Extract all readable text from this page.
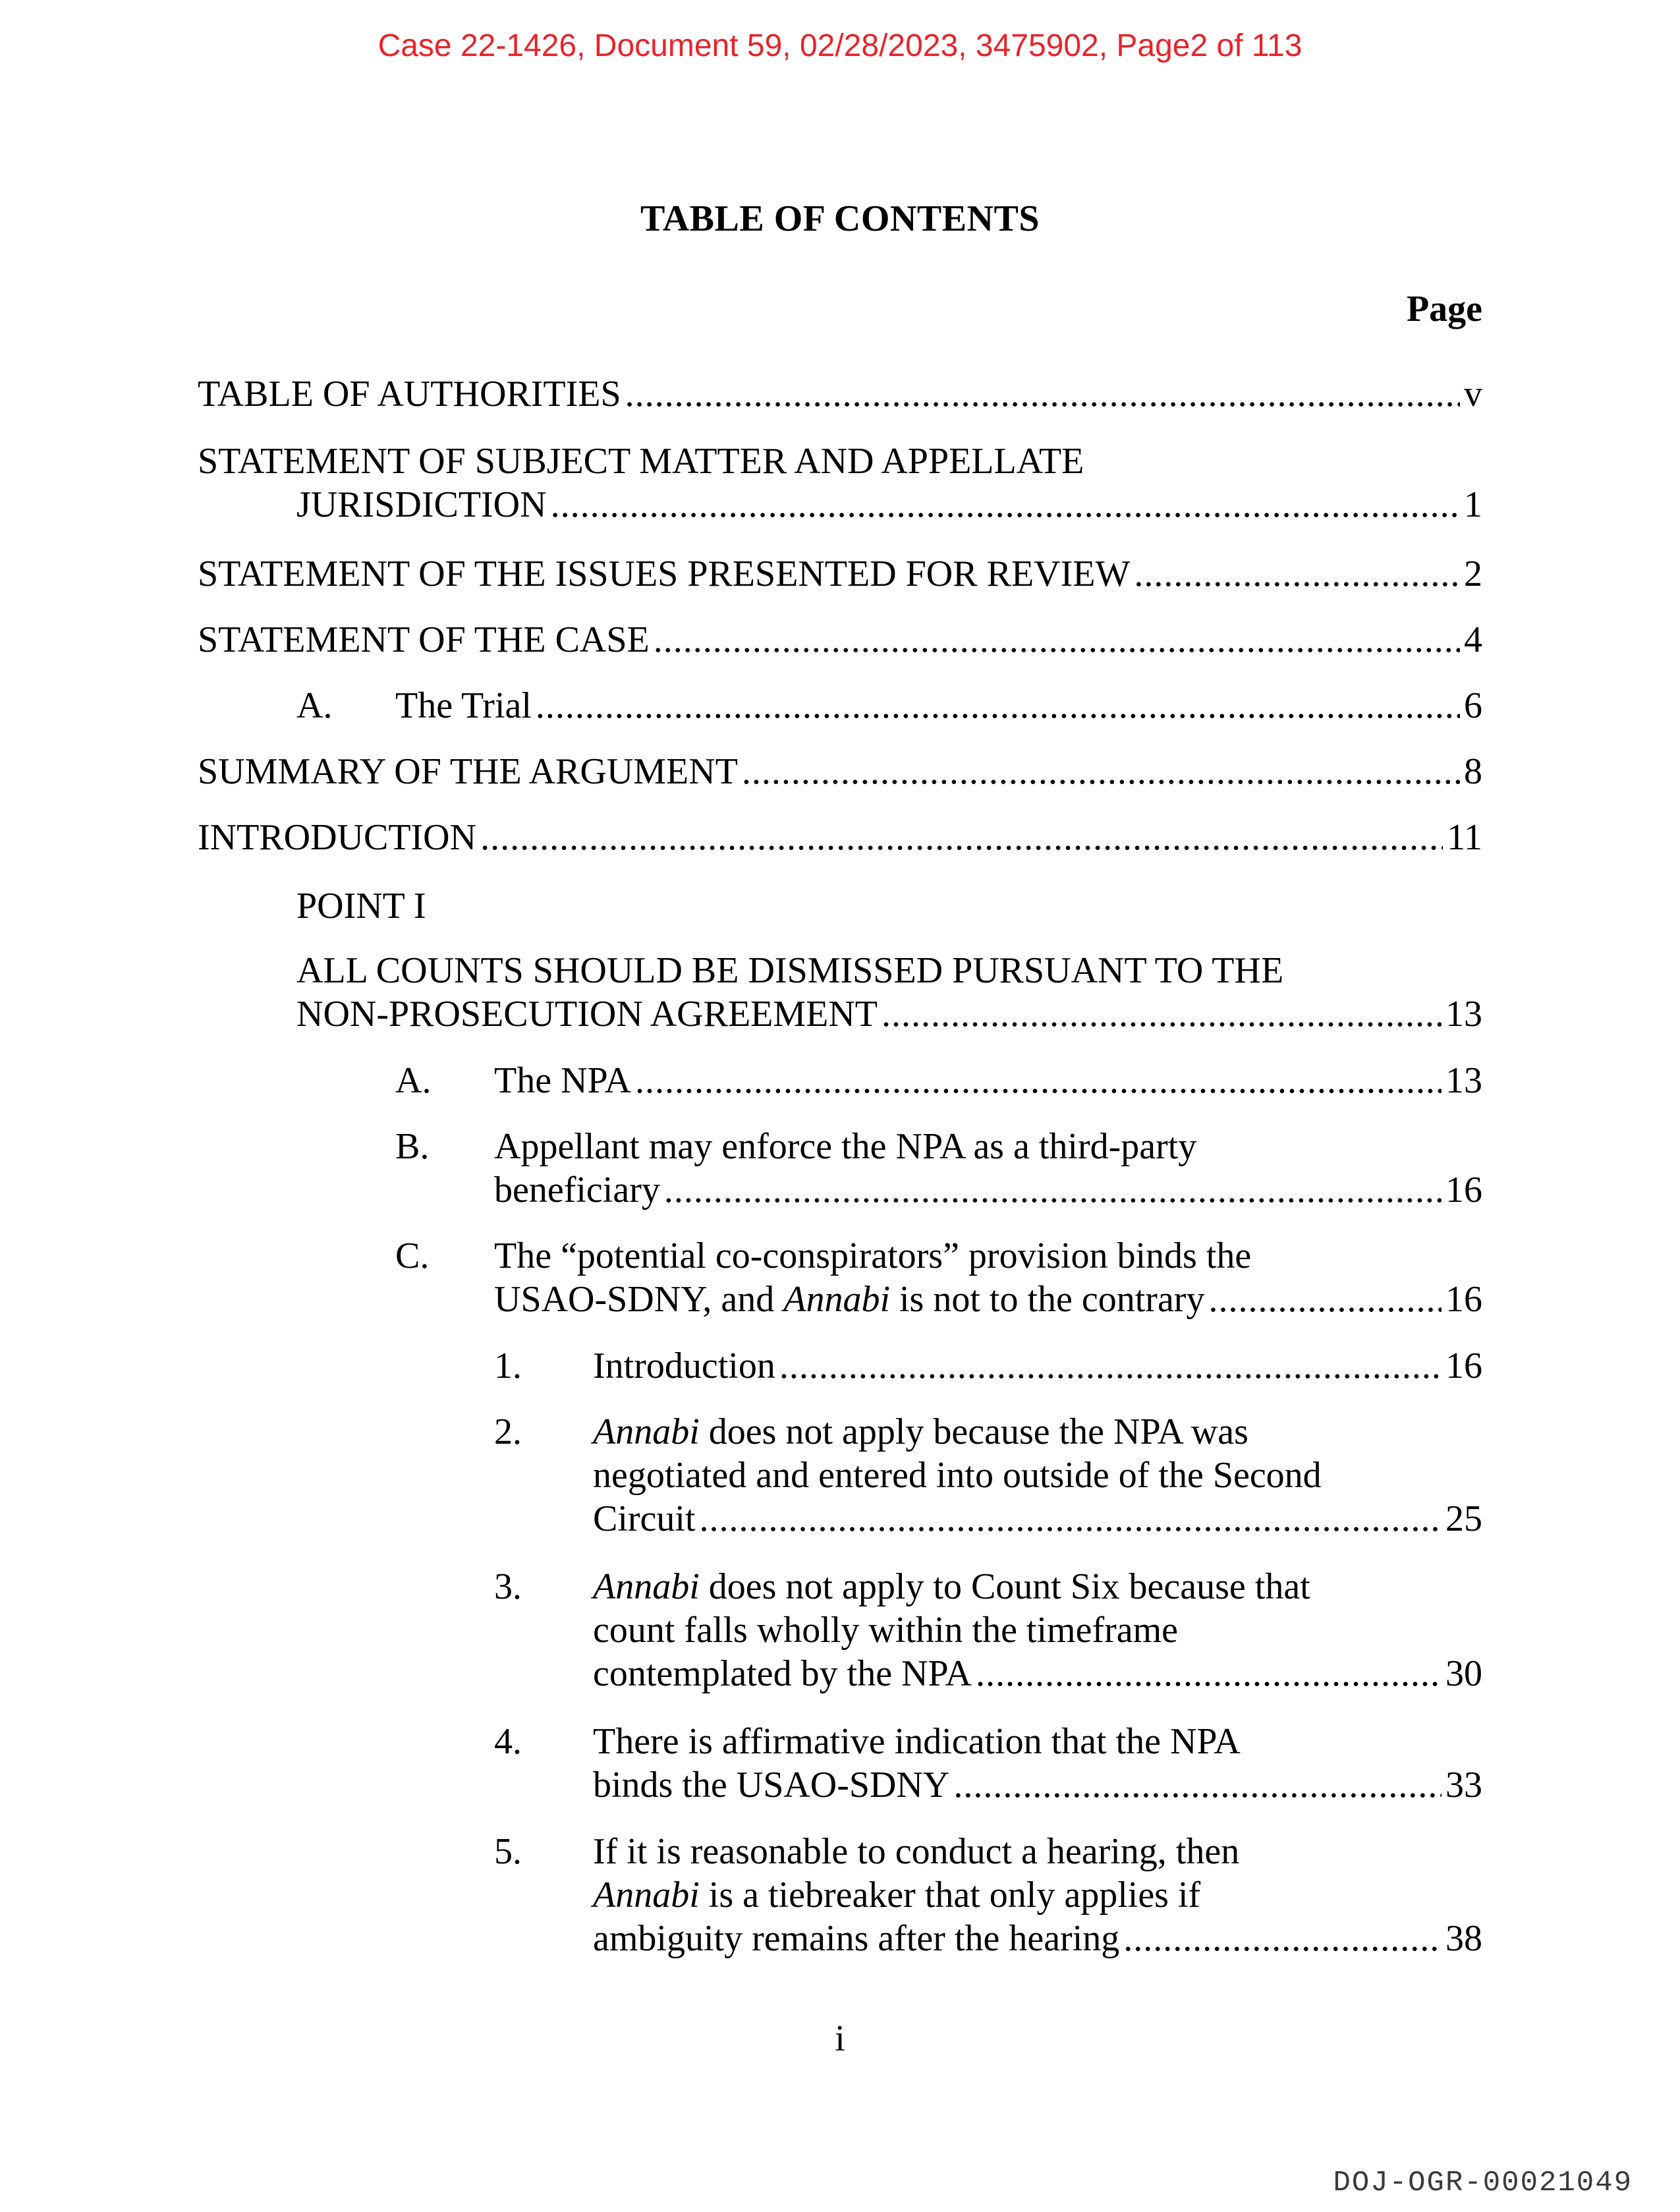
Case 22-1426, Document 59, 02/28/2023, 3475902, Page2 of 113
TABLE OF CONTENTS
Page
TABLE OF AUTHORITIES .....	v
STATEMENT OF SUBJECT MATTER AND APPELLATE
JURISDICTION .....	1
STATEMENT OF THE ISSUES PRESENTED FOR REVIEW .....	2
STATEMENT OF THE CASE .....	4
A.	The Trial .....	6
SUMMARY OF THE ARGUMENT .....	8
INTRODUCTION .....	11
POINT I
ALL COUNTS SHOULD BE DISMISSED PURSUANT TO THE
NON-PROSECUTION AGREEMENT .....	13
A.	The NPA .....	13
B. Appellant may enforce the NPA as a third-party
beneficiary .....	16
C. The “potential co-conspirators” provision binds the
USAO-SDNY, and Annabi is not to the contrary .....	16
1.	Introduction .....	16
2. Annabi does not apply because the NPA was
negotiated and entered into outside of the Second
Circuit .....	25
3. Annabi does not apply to Count Six because that
count falls wholly within the timeframe
contemplated by the NPA .....	30
4. There is affirmative indication that the NPA
binds the USAO-SDNY .....	33
5. If it is reasonable to conduct a hearing, then
Annabi is a tiebreaker that only applies if
ambiguity remains after the hearing .....	38
i
DOJ-OGR-00021049
